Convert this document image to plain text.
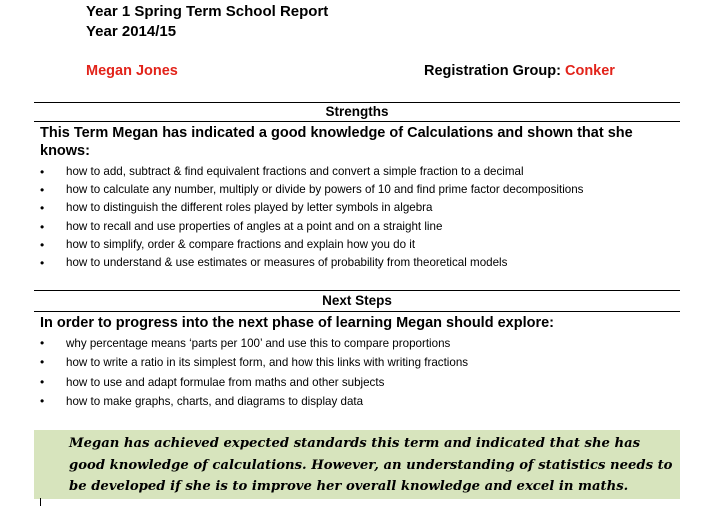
Year 1 Spring Term School Report
Year 2014/15
Megan Jones	Registration Group: Conker
Strengths
This Term Megan has indicated a good knowledge of Calculations and shown that she knows:
• how to add, subtract & find equivalent fractions and convert a simple fraction to a decimal
• how to calculate any number, multiply or divide by powers of 10 and find prime factor decompositions
• how to distinguish the different roles played by letter symbols in algebra
• how to recall and use properties of angles at a point and on a straight line
• how to simplify, order & compare fractions and explain how you do it
• how to understand & use estimates or measures of probability from theoretical models
Next Steps
In order to progress into the next phase of learning Megan should explore:
• why percentage means ‘parts per 100’ and use this to compare proportions
• how to write a ratio in its simplest form, and how this links with writing fractions
• how to use and adapt formulae from maths and other subjects
• how to make graphs, charts, and diagrams to display data

Megan has achieved expected standards this term and indicated that she has good knowledge of calculations. However, an understanding of statistics needs to be developed if she is to improve her overall knowledge and excel in maths.
